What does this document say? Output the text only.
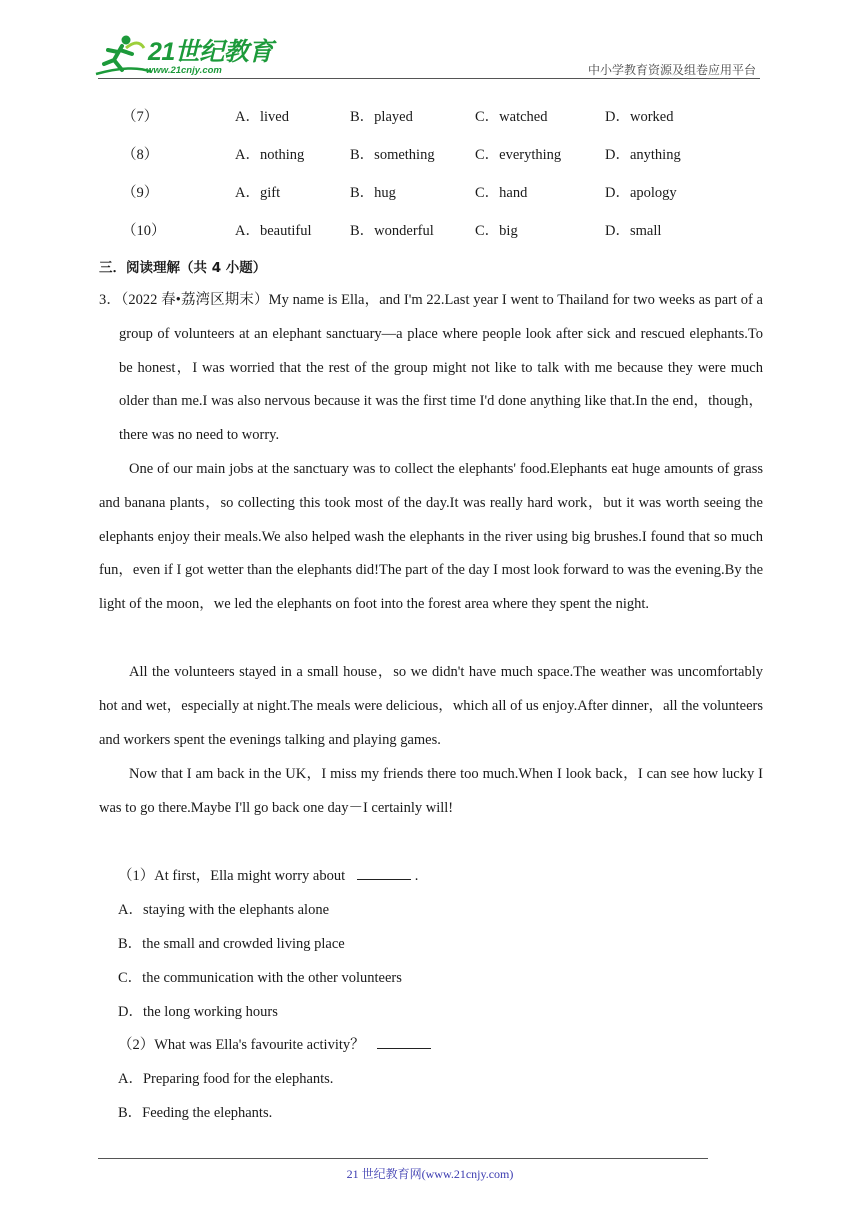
21世纪教育
www.21cnjy.com	中小学教育资源及组卷应用平台
（7）	A．lived	B．played	C．watched	D．worked
（8）	A．nothing	B．something	C．everything	D．anything
（9）	A．gift	B．hug	C．hand	D．apology
（10）	A．beautiful	B．wonderful	C．big	D．small
三．阅读理解（共 4 小题）

3．（2022 春•荔湾区期末）My name is Ella，and I'm 22.Last year I went to Thailand for two weeks as part of a group of volunteers at an elephant sanctuary—a place where people look after sick and rescued elephants.To be honest，I was worried that the rest of the group might not like to talk with me because they were much older than me.I was also nervous because it was the first time I'd done anything like that.In the end，though，there was no need to worry.

One of our main jobs at the sanctuary was to collect the elephants' food.Elephants eat huge amounts of grass and banana plants，so collecting this took most of the day.It was really hard work，but it was worth seeing the elephants enjoy their meals.We also helped wash the elephants in the river using big brushes.I found that so much fun，even if I got wetter than the elephants did!The part of the day I most look forward to was the evening.By the light of the moon，we led the elephants on foot into the forest area where they spent the night.

All the volunteers stayed in a small house，so we didn't have much space.The weather was uncomfortably hot and wet，especially at night.The meals were delicious，which all of us enjoy.After dinner，all the volunteers and workers spent the evenings talking and playing games.

Now that I am back in the UK，I miss my friends there too much.When I look back，I can see how lucky I was to go there.Maybe I'll go back one day－I certainly will!

（1）At first，Ella might worry about	.
A．staying with the elephants alone
B．the small and crowded living place
C．the communication with the other volunteers
D．the long working hours
（2）What was Ella's favourite activity？
A．Preparing food for the elephants.
B．Feeding the elephants.
21 世纪教育网(www.21cnjy.com)
